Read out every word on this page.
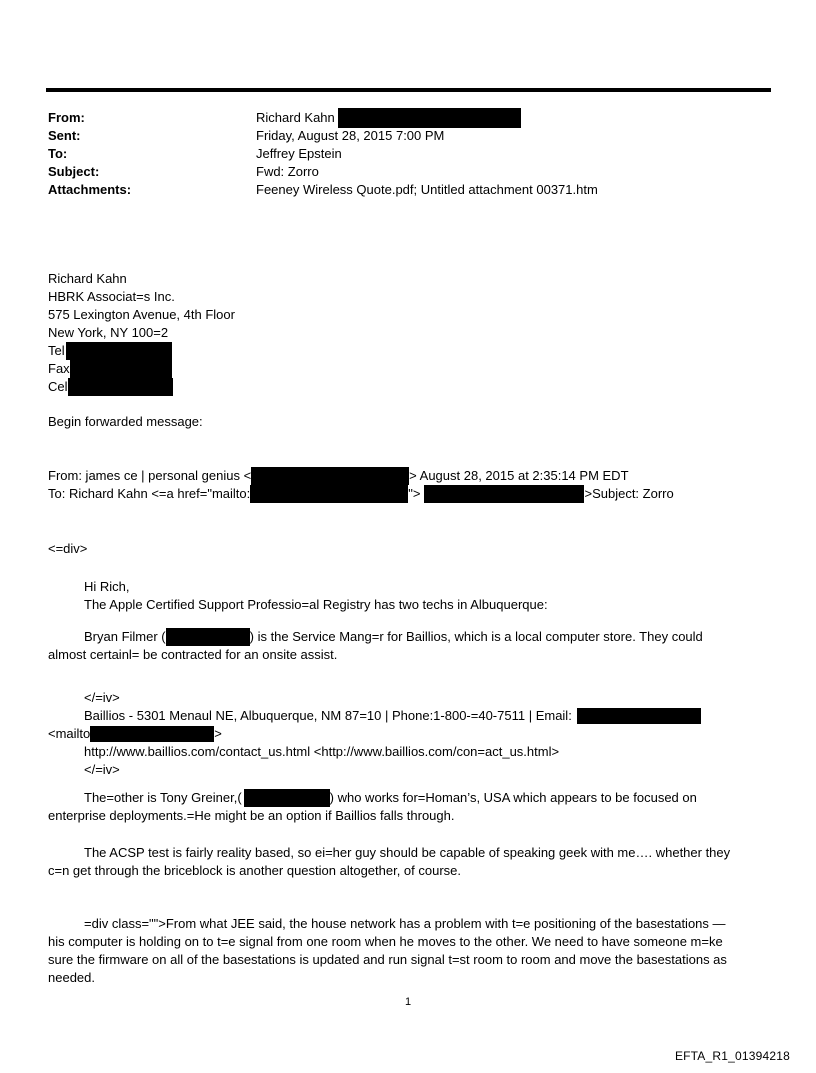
From:	Richard Kahn
Sent:	Friday, August 28, 2015 7:00 PM
To:	Jeffrey Epstein
Subject:	Fwd: Zorro
Attachments:	Feeney Wireless Quote.pdf; Untitled attachment 00371.htm
Richard Kahn
HBRK Associat=s Inc.
575 Lexington Avenue, 4th Floor
New York, NY 100=2
Tel
Fax
Cel
Begin forwarded message:
From: james ce | personal genius <	> August 28, 2015 at 2:35:14 PM EDT
To: Richard Kahn <=a href="mailto:	">	>Subject: Zorro
<=div>
Hi Rich,
The Apple Certified Support Professio=al Registry has two techs in Albuquerque:
Bryan Filmer (	) is the Service Mang=r for Baillios, which is a local computer store. They could
almost certainl= be contracted for an onsite assist.
</=iv>
Baillios - 5301 Menaul NE, Albuquerque, NM 87=10 | Phone:1-800-=40-7511 | Email:
<mailto	>
http://www.baillios.com/contact_us.html <http://www.baillios.com/con=act_us.html>
</=iv>
The=other is Tony Greiner,(	) who works for=Homan’s, USA which appears to be focused on
enterprise deployments.=He might be an option if Baillios falls through.
The ACSP test is fairly reality based, so ei=her guy should be capable of speaking geek with me…. whether they
c=n get through the briceblock is another question altogether, of course.
=div class="">From what JEE said, the house network has a problem with t=e positioning of the basestations —
his computer is holding on to t=e signal from one room when he moves to the other. We need to have someone m=ke
sure the firmware on all of the basestations is updated and run signal t=st room to room and move the basestations as
needed.
1
EFTA_R1_01394218
